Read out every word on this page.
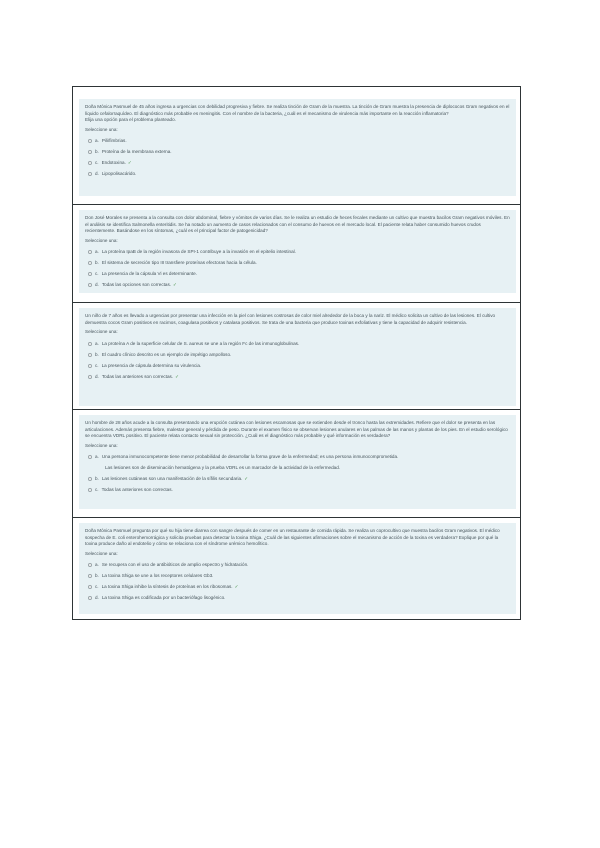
Doña Mónica Pasmuel de 45 años ingresa a urgencias con debilidad progresiva y fiebre. Se realiza tinción de Gram de la muestra. La tinción de Gram muestra la presencia de diplococos Gram negativos en el líquido cefalorraquídeo. El diagnóstico más probable es meningitis. Con el nombre de la bacteria, ¿cuál es el mecanismo de virulencia más importante en la reacción inflamatoria?

Elija una opción para el problema planteado.

Seleccione una:

a. Pili/fimbrias.
b. Proteína de la membrana externa.
c. Endotoxina. ✓
d. Lipopolisacárido.

Don José Morales se presenta a la consulta con dolor abdominal, fiebre y vómitos de varios días. Se le realiza un estudio de heces fecales mediante un cultivo que muestra bacilos Gram negativos móviles. En el análisis se identifica Salmonella enteritidis. Se ha notado un aumento de casos relacionados con el consumo de huevos en el mercado local. El paciente relata haber consumido huevos crudos recientemente. Basándose en los síntomas, ¿cuál es el principal factor de patogenicidad?

Seleccione una:

a. La proteína IpaB de la región invasora de SPI-1 contribuye a la invasión en el epitelio intestinal.
b. El sistema de secreción tipo III transfiere proteínas efectoras hacia la célula.
c. La presencia de la cápsula Vi es determinante.
d. Todas las opciones son correctas. ✓

Un niño de 7 años es llevado a urgencias por presentar una infección en la piel con lesiones costrosas de color miel alrededor de la boca y la nariz. El médico solicita un cultivo de las lesiones. El cultivo demuestra cocos Gram positivos en racimos, coagulasa positivos y catalasa positivos. Se trata de una bacteria que produce toxinas exfoliativas y tiene la capacidad de adquirir resistencia.

Seleccione una:

a. La proteína A de la superficie celular de S. aureus se une a la región Fc de las inmunoglobulinas.
b. El cuadro clínico descrito es un ejemplo de impétigo ampolloso.
c. La presencia de cápsula determina su virulencia.
d. Todas las anteriores son correctas. ✓

Un hombre de 28 años acude a la consulta presentando una erupción cutánea con lesiones escamosas que se extienden desde el tronco hasta las extremidades. Refiere que el dolor se presenta en las articulaciones. Además presenta fiebre, malestar general y pérdida de peso. Durante el examen físico se observan lesiones anulares en las palmas de las manos y plantas de los pies. En el estudio serológico se encuentra VDRL positivo. El paciente relata contacto sexual sin protección. ¿Cuál es el diagnóstico más probable y qué información es verdadera?

Seleccione una:

a. Una persona inmunocompetente tiene menor probabilidad de desarrollar la forma grave de la enfermedad; es una persona inmunocomprometida.
Las lesiones son de diseminación hematógena y la prueba VDRL es un marcador de la actividad de la enfermedad.
b. Las lesiones cutáneas son una manifestación de la sífilis secundaria. ✓
c. Todas las anteriores son correctas.

Doña Mónica Pasmuel pregunta por qué su hija tiene diarrea con sangre después de comer en un restaurante de comida rápida. Se realiza un coprocultivo que muestra bacilos Gram negativos. El médico sospecha de E. coli enterohemorrágica y solicita pruebas para detectar la toxina Shiga. ¿Cuál de las siguientes afirmaciones sobre el mecanismo de acción de la toxina es verdadera? Explique por qué la toxina produce daño al endotelio y cómo se relaciona con el síndrome urémico hemolítico.

Seleccione una:

a. Se recupera con el uso de antibióticos de amplio espectro y hidratación.
b. La toxina Shiga se une a los receptores celulares Gb3.
c. La toxina Shiga inhibe la síntesis de proteínas en los ribosomas. ✓
d. La toxina Shiga es codificada por un bacteriófago lisogénico.
